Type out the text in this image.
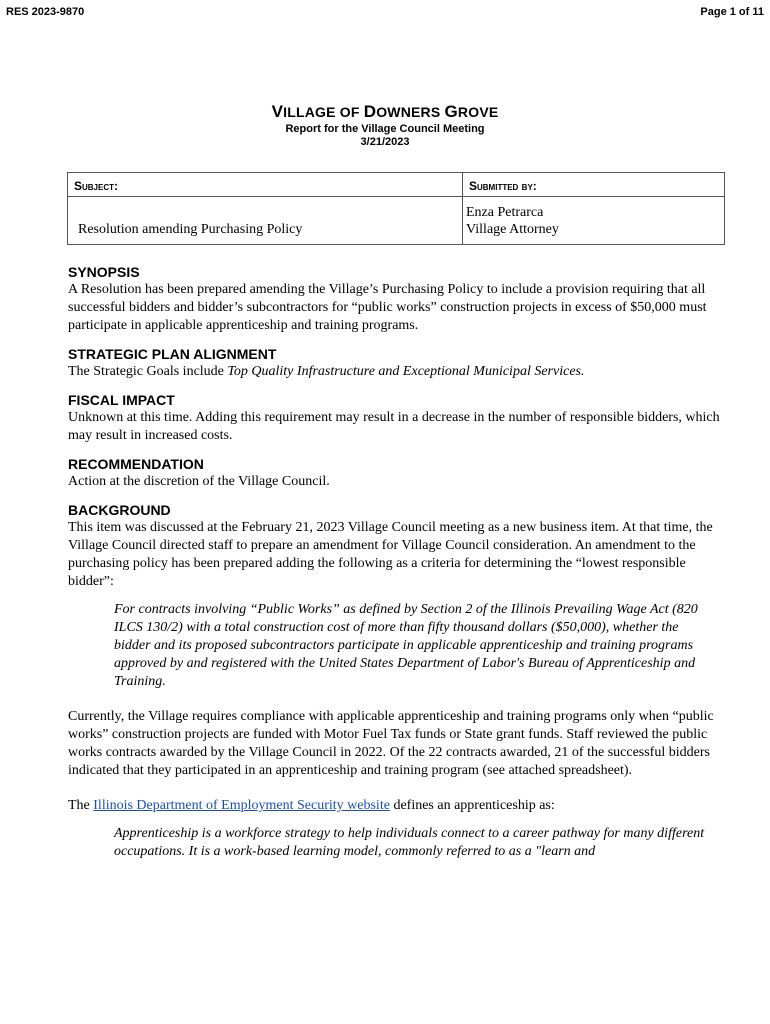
RES 2023-9870	Page 1 of 11
VILLAGE OF DOWNERS GROVE
Report for the Village Council Meeting
3/21/2023
Subject:	Submitted by:
Resolution amending Purchasing Policy	Enza Petrarca
Village Attorney
SYNOPSIS

A Resolution has been prepared amending the Village’s Purchasing Policy to include a provision requiring that all successful bidders and bidder’s subcontractors for “public works” construction projects in excess of $50,000 must participate in applicable apprenticeship and training programs.

STRATEGIC PLAN ALIGNMENT

The Strategic Goals include Top Quality Infrastructure and Exceptional Municipal Services.

FISCAL IMPACT

Unknown at this time. Adding this requirement may result in a decrease in the number of responsible bidders, which may result in increased costs.

RECOMMENDATION

Action at the discretion of the Village Council.

BACKGROUND

This item was discussed at the February 21, 2023 Village Council meeting as a new business item. At that time, the Village Council directed staff to prepare an amendment for Village Council consideration. An amendment to the purchasing policy has been prepared adding the following as a criteria for determining the “lowest responsible bidder”:

For contracts involving “Public Works” as defined by Section 2 of the Illinois Prevailing Wage Act (820 ILCS 130/2) with a total construction cost of more than fifty thousand dollars ($50,000), whether the bidder and its proposed subcontractors participate in applicable apprenticeship and training programs approved by and registered with the United States Department of Labor's Bureau of Apprenticeship and Training.

Currently, the Village requires compliance with applicable apprenticeship and training programs only when “public works” construction projects are funded with Motor Fuel Tax funds or State grant funds. Staff reviewed the public works contracts awarded by the Village Council in 2022. Of the 22 contracts awarded, 21 of the successful bidders indicated that they participated in an apprenticeship and training program (see attached spreadsheet).

The Illinois Department of Employment Security website defines an apprenticeship as:

Apprenticeship is a workforce strategy to help individuals connect to a career pathway for many different occupations. It is a work-based learning model, commonly referred to as a "learn and
